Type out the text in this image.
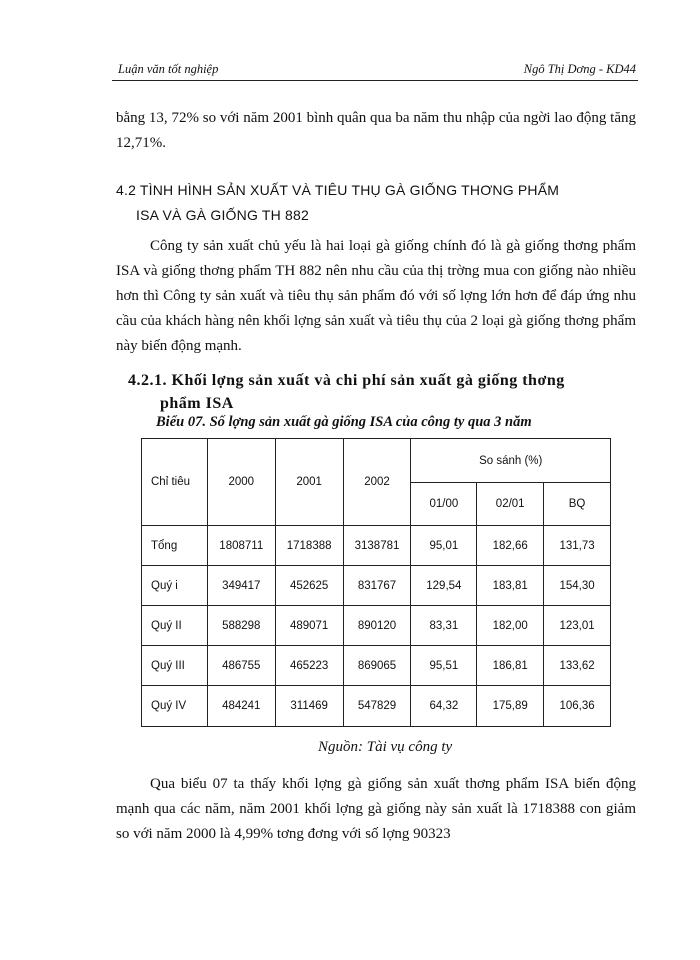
Luận văn tốt nghiệp	Ngô Thị Dơng - KD44

bằng 13, 72% so với năm 2001 bình quân qua ba năm thu nhập của ngời lao động tăng 12,71%.

4.2 TÌNH HÌNH SẢN XUẤT VÀ TIÊU THỤ GÀ GIỐNG THƠNG PHẨM
ISA VÀ GÀ GIỐNG TH 882

Công ty sản xuất chủ yếu là hai loại gà giống chính đó là gà giống thơng phẩm ISA và giống thơng phẩm TH 882 nên nhu cầu của thị trờng mua con giống nào nhiều hơn thì Công ty sản xuất và tiêu thụ sản phẩm đó với số lợng lớn hơn để đáp ứng nhu cầu của khách hàng nên khối lợng sản xuất và tiêu thụ của 2 loại gà giống thơng phẩm này biến động mạnh.

4.2.1. Khối lợng sản xuất và chi phí sản xuất gà giống thơng
phẩm ISA
Biểu 07. Số lợng sản xuất gà giống ISA của công ty qua 3 năm
Chỉ tiêu	2000	2001	2002	So sánh (%)		
				01/00	02/01	BQ
Tổng	1808711	1718388	3138781	95,01	182,66	131,73
Quý i	349417	452625	831767	129,54	183,81	154,30
Quý II	588298	489071	890120	83,31	182,00	123,01
Quý III	486755	465223	869065	95,51	186,81	133,62
Quý IV	484241	311469	547829	64,32	175,89	106,36
Nguồn: Tài vụ công ty

Qua biểu 07 ta thấy khối lợng gà giống sản xuất thơng phẩm ISA biến động mạnh qua các năm, năm 2001 khối lợng gà giống này sản xuất là 1718388 con giảm so với năm 2000 là 4,99% tơng đơng với số lợng 90323
